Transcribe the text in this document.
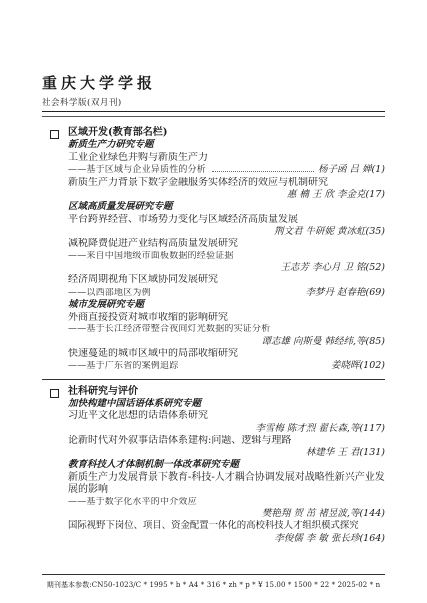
重庆大学学报
社会科学版(双月刊)
区域开发(教育部名栏)
新质生产力研究专题
工业企业绿色并购与新质生产力
——基于区域与企业异质性的分析	杨子函 吕 婵(1)
新质生产力背景下数字金融服务实体经济的效应与机制研究
惠 楠 王 欣 李金克(17)
区域高质量发展研究专题
平台跨界经营、市场势力变化与区域经济高质量发展
荆文君 牛研妮 黄冰虹(35)
减税降费促进产业结构高质量发展研究
——来自中国地级市面板数据的经验证据
王志芳 李心月 卫 铭(52)
经济周期视角下区域协同发展研究
——以西部地区为例	李梦丹 赵春艳(69)
城市发展研究专题
外商直接投资对城市收缩的影响研究
——基于长江经济带整合夜间灯光数据的实证分析
谭志雄 向斯曼 韩经纬,等(85)
快速蔓延的城市区域中的局部收缩研究
——基于广东省的案例追踪	姜晓晖(102)
社科研究与评价
加快构建中国话语体系研究专题
习近平文化思想的话语体系研究
李雪梅 陈才烈 翟长森,等(117)
论新时代对外叙事话语体系建构:问题、逻辑与理路
林建华 王 君(131)
教育科技人才体制机制一体改革研究专题
新质生产力发展背景下教育-科技-人才耦合协调发展对战略性新兴产业发展的影响
——基于数字化水平的中介效应
樊艳翔 贺 茁 褚昱波,等(144)
国际视野下岗位、项目、资金配置一体化的高校科技人才组织模式探究
李俊儒 李 敏 张长珍(164)
期刊基本参数:CN50-1023/C * 1995 * b * A4 * 316 * zh * p * ¥ 15.00 * 1500 * 22 * 2025-02 * n
